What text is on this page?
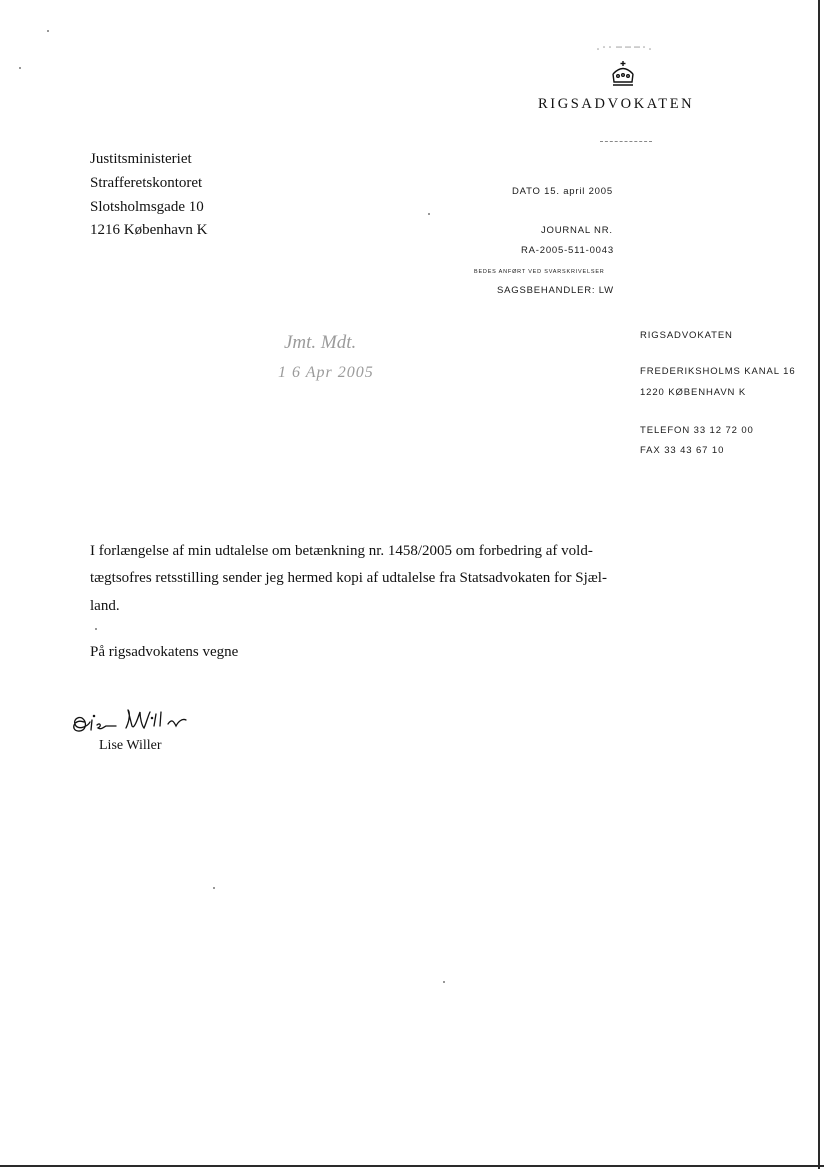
RIGSADVOKATEN
Justitsministeriet
Strafferetskontoret
Slotsholmsgade 10
1216 København K
DATO 15. april 2005
JOURNAL NR.
RA-2005-511-0043
BEDES ANFØRT VED SVARSKRIVELSER
SAGSBEHANDLER: LW
Jmt. Mdt.
1 6 Apr 2005
RIGSADVOKATEN
FREDERIKSHOLMS KANAL 16
1220 KØBENHAVN K
TELEFON 33 12 72 00
FAX 33 43 67 10
I forlængelse af min udtalelse om betænkning nr. 1458/2005 om forbedring af vold-
tægtsofres retsstilling sender jeg hermed kopi af udtalelse fra Statsadvokaten for Sjæl-
land.
På rigsadvokatens vegne
Lise Willer
